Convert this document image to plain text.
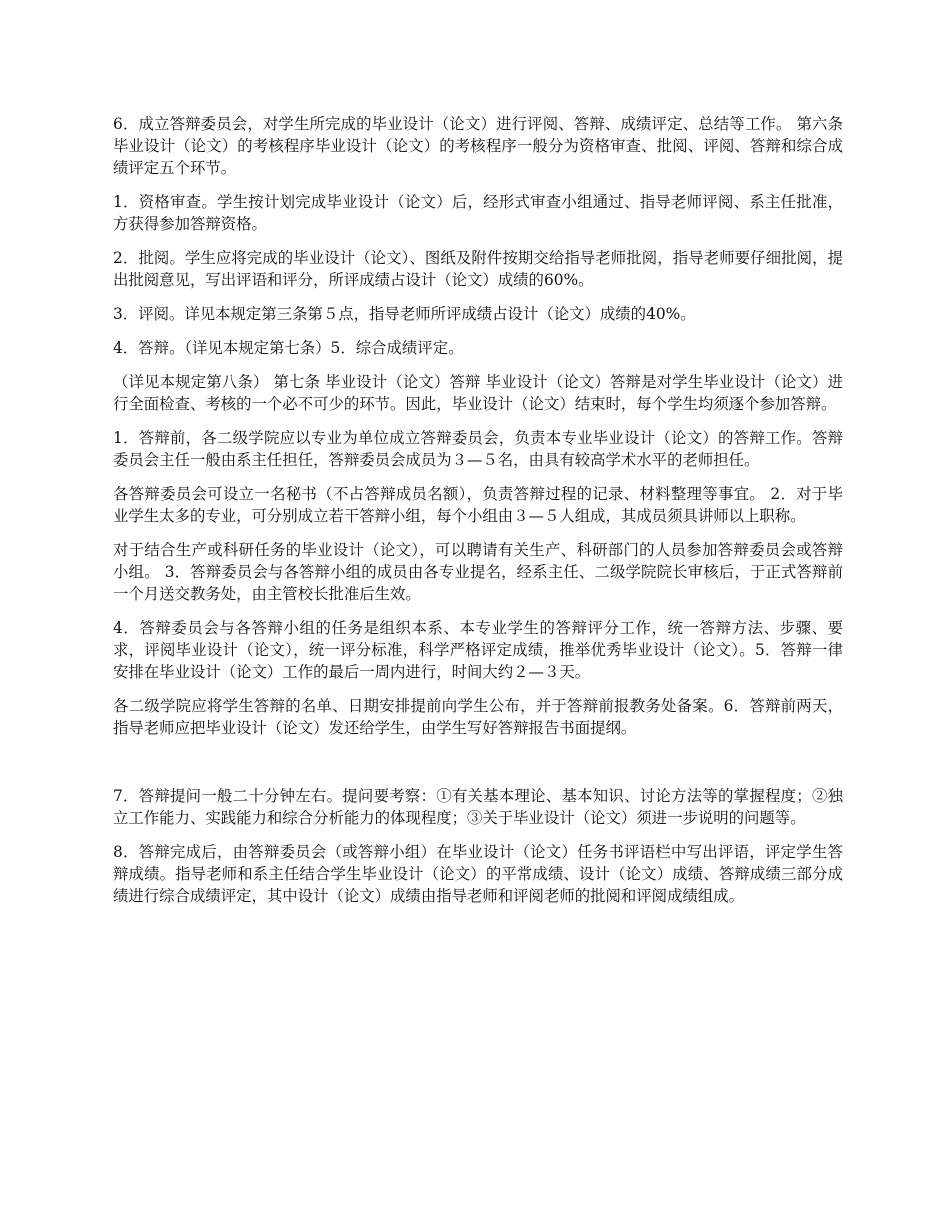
6．成立答辩委员会，对学生所完成的毕业设计（论文）进行评阅、答辩、成绩评定、总结等工作。 第六条 毕业设计（论文）的考核程序毕业设计（论文）的考核程序一般分为资格审查、批阅、评阅、答辩和综合成绩评定五个环节。

1．资格审查。学生按计划完成毕业设计（论文）后，经形式审查小组通过、指导老师评阅、系主任批准，方获得参加答辩资格。

2．批阅。学生应将完成的毕业设计（论文）、图纸及附件按期交给指导老师批阅，指导老师要仔细批阅，提出批阅意见，写出评语和评分，所评成绩占设计（论文）成绩的60%。

3．评阅。详见本规定第三条第５点，指导老师所评成绩占设计（论文）成绩的40%。

4．答辩。（详见本规定第七条）5．综合成绩评定。

（详见本规定第八条） 第七条 毕业设计（论文）答辩 毕业设计（论文）答辩是对学生毕业设计（论文）进行全面检查、考核的一个必不可少的环节。因此，毕业设计（论文）结束时，每个学生均须逐个参加答辩。

1．答辩前，各二级学院应以专业为单位成立答辩委员会，负责本专业毕业设计（论文）的答辩工作。答辩委员会主任一般由系主任担任，答辩委员会成员为３—５名，由具有较高学术水平的老师担任。

各答辩委员会可设立一名秘书（不占答辩成员名额），负责答辩过程的记录、材料整理等事宜。 2．对于毕业学生太多的专业，可分别成立若干答辩小组，每个小组由３—５人组成，其成员须具讲师以上职称。

对于结合生产或科研任务的毕业设计（论文），可以聘请有关生产、科研部门的人员参加答辩委员会或答辩小组。 3．答辩委员会与各答辩小组的成员由各专业提名，经系主任、二级学院院长审核后，于正式答辩前一个月送交教务处，由主管校长批准后生效。

4．答辩委员会与各答辩小组的任务是组织本系、本专业学生的答辩评分工作，统一答辩方法、步骤、要求，评阅毕业设计（论文），统一评分标准，科学严格评定成绩，推举优秀毕业设计（论文）。5．答辩一律安排在毕业设计（论文）工作的最后一周内进行，时间大约２—３天。

各二级学院应将学生答辩的名单、日期安排提前向学生公布，并于答辩前报教务处备案。6．答辩前两天，指导老师应把毕业设计（论文）发还给学生，由学生写好答辩报告书面提纲。

7．答辩提问一般二十分钟左右。提问要考察：①有关基本理论、基本知识、讨论方法等的掌握程度；②独立工作能力、实践能力和综合分析能力的体现程度；③关于毕业设计（论文）须进一步说明的问题等。

8．答辩完成后，由答辩委员会（或答辩小组）在毕业设计（论文）任务书评语栏中写出评语，评定学生答辩成绩。指导老师和系主任结合学生毕业设计（论文）的平常成绩、设计（论文）成绩、答辩成绩三部分成绩进行综合成绩评定，其中设计（论文）成绩由指导老师和评阅老师的批阅和评阅成绩组成。
